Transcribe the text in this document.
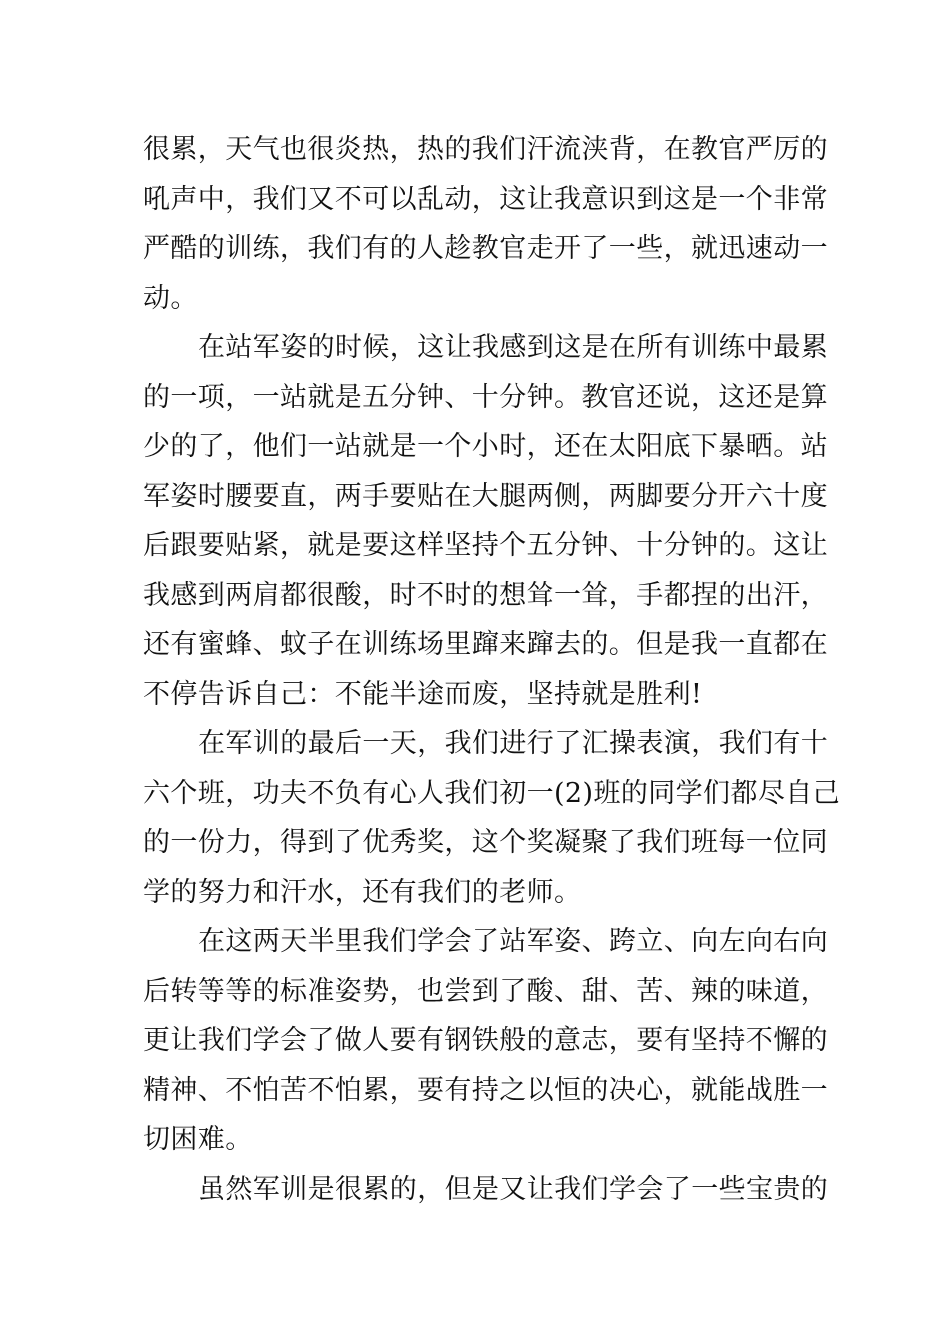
很累，天气也很炎热，热的我们汗流浃背，在教官严厉的
吼声中，我们又不可以乱动，这让我意识到这是一个非常
严酷的训练，我们有的人趁教官走开了一些，就迅速动一
动。
在站军姿的时候，这让我感到这是在所有训练中最累
的一项，一站就是五分钟、十分钟。教官还说，这还是算
少的了，他们一站就是一个小时，还在太阳底下暴晒。站
军姿时腰要直，两手要贴在大腿两侧，两脚要分开六十度
后跟要贴紧，就是要这样坚持个五分钟、十分钟的。这让
我感到两肩都很酸，时不时的想耸一耸，手都捏的出汗，
还有蜜蜂、蚊子在训练场里蹿来蹿去的。但是我一直都在
不停告诉自己：不能半途而废，坚持就是胜利!
在军训的最后一天，我们进行了汇操表演，我们有十
六个班，功夫不负有心人我们初一(2)班的同学们都尽自己
的一份力，得到了优秀奖，这个奖凝聚了我们班每一位同
学的努力和汗水，还有我们的老师。
在这两天半里我们学会了站军姿、跨立、向左向右向
后转等等的标准姿势，也尝到了酸、甜、苦、辣的味道，
更让我们学会了做人要有钢铁般的意志，要有坚持不懈的
精神、不怕苦不怕累，要有持之以恒的决心，就能战胜一
切困难。
虽然军训是很累的，但是又让我们学会了一些宝贵的
